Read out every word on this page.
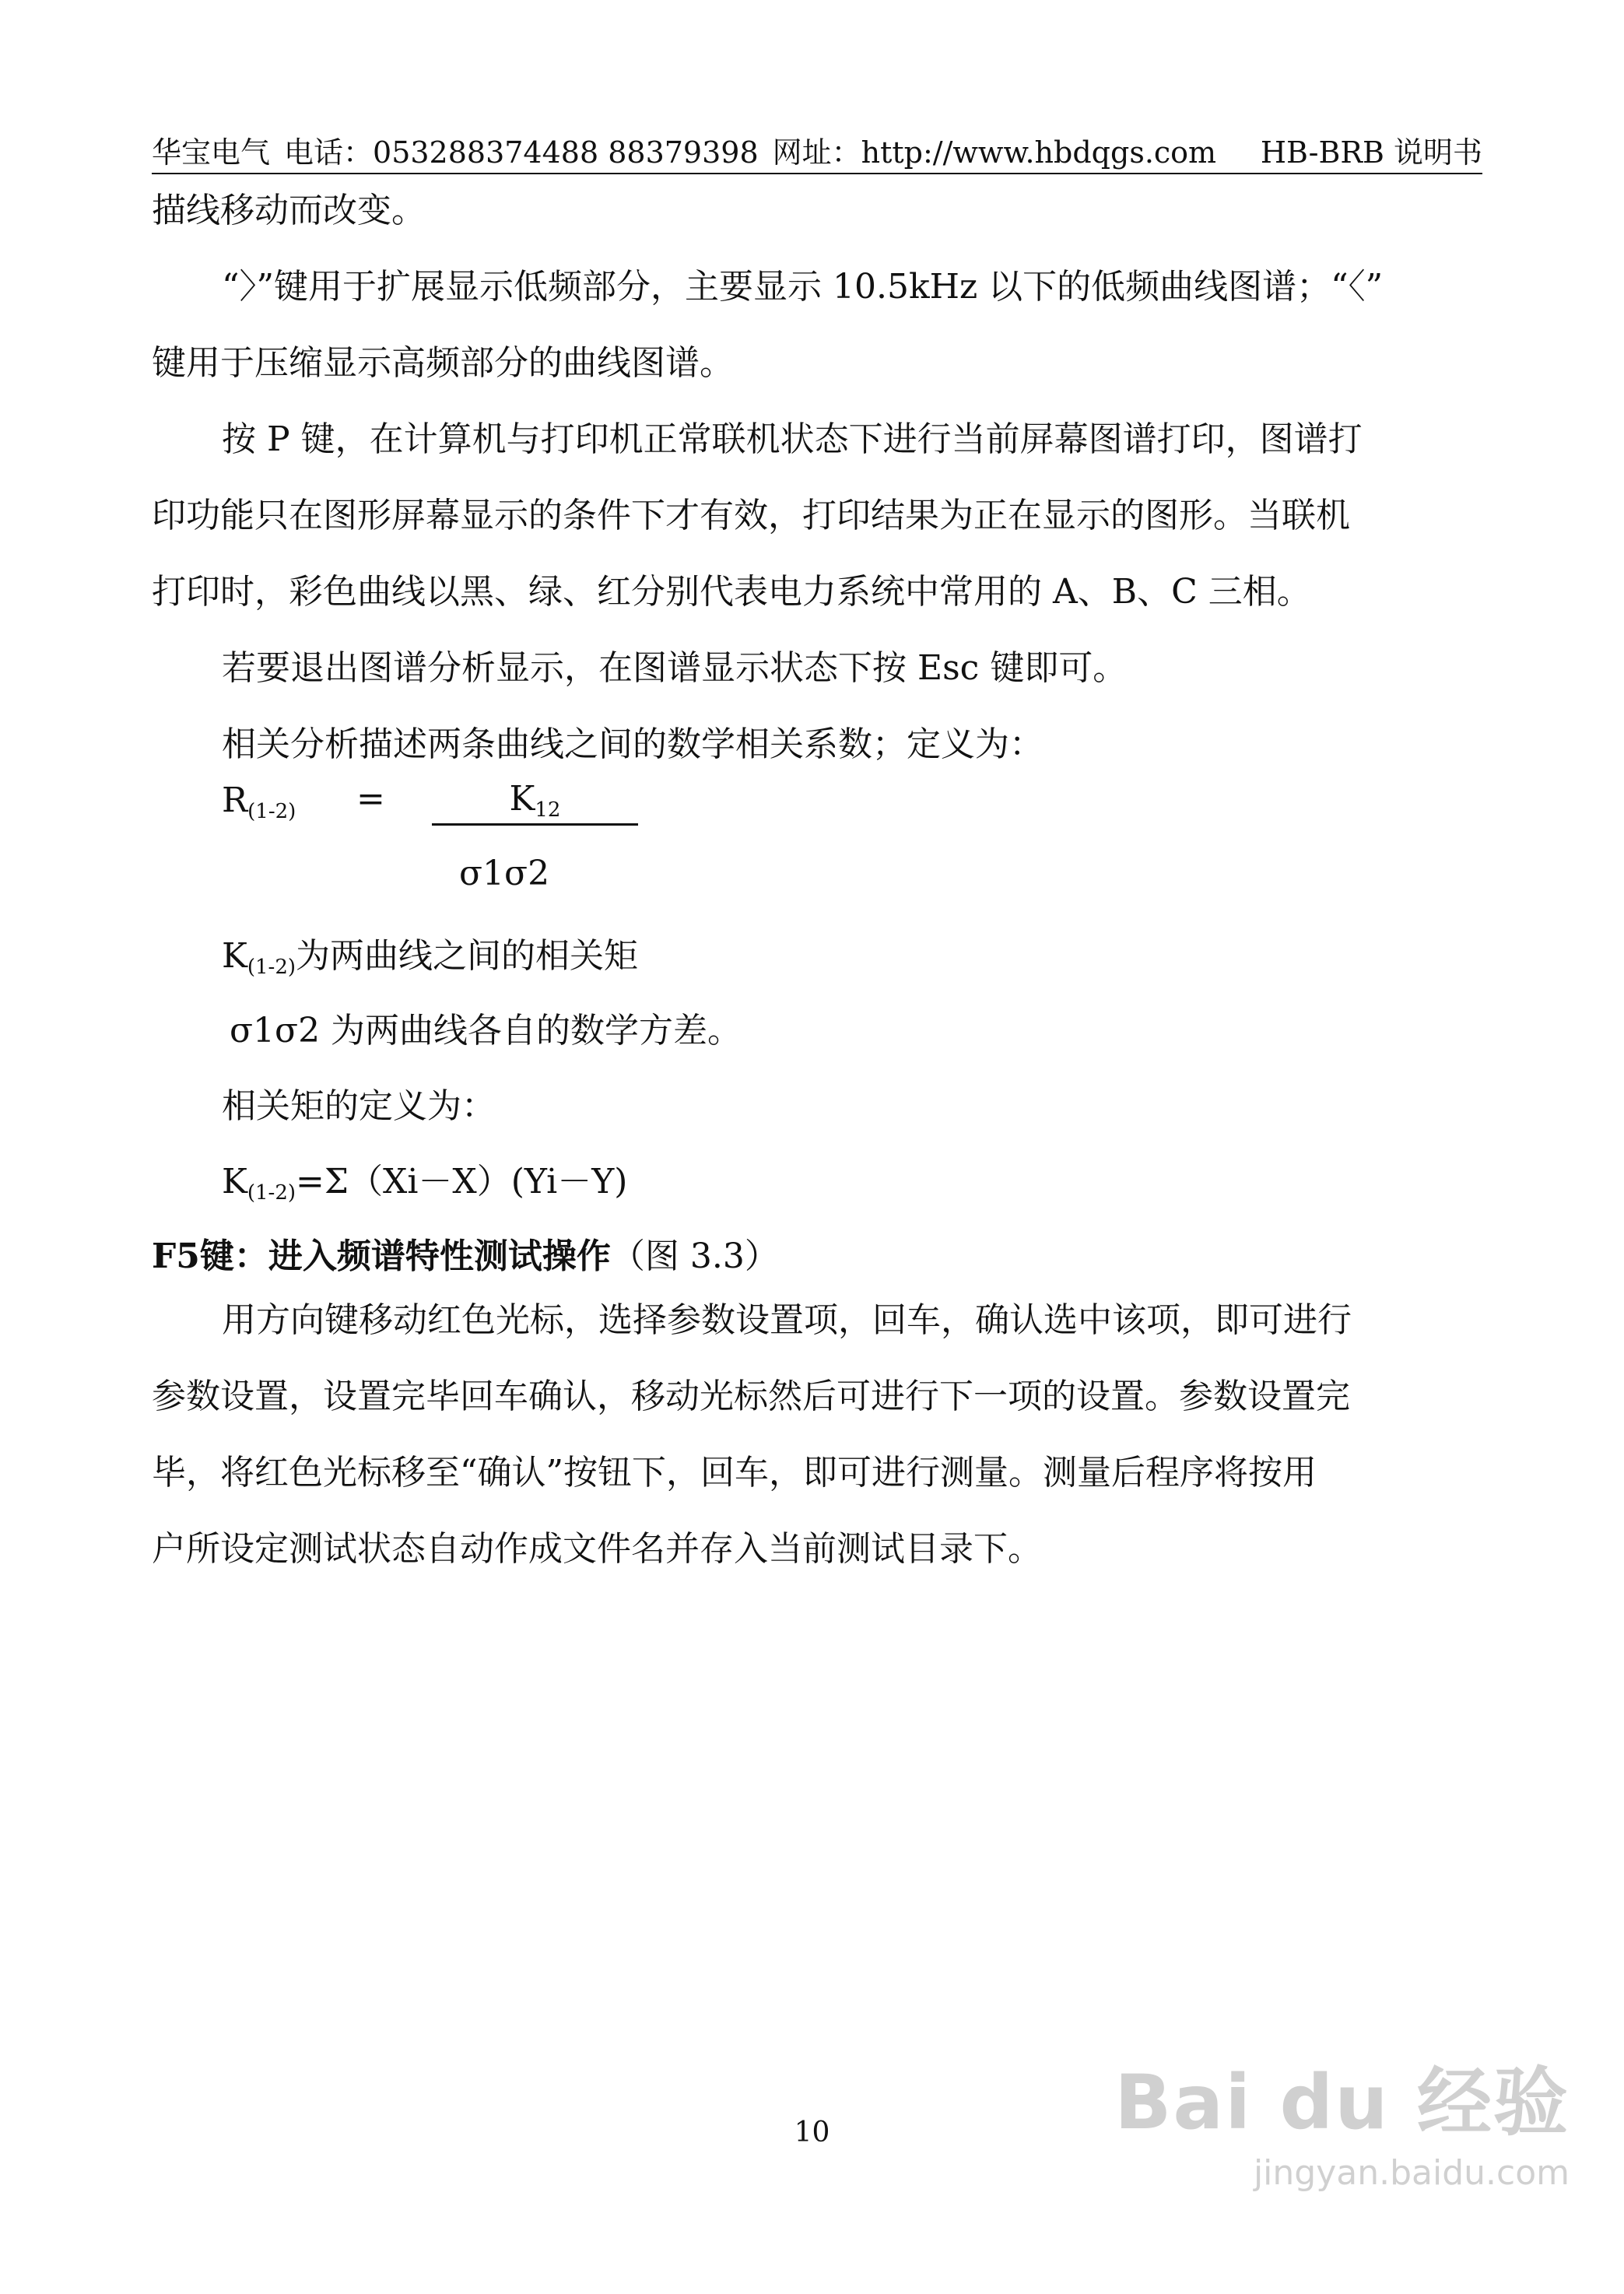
华宝电气 电话：053288374488 88379398 网址：http://www.hbdqgs.com HB-BRB 说明书

描线移动而改变。

“〉”键用于扩展显示低频部分，主要显示 10.5kHz 以下的低频曲线图谱；“〈”

键用于压缩显示高频部分的曲线图谱。

按 P 键，在计算机与打印机正常联机状态下进行当前屏幕图谱打印，图谱打

印功能只在图形屏幕显示的条件下才有效，打印结果为正在显示的图形。当联机

打印时，彩色曲线以黑、绿、红分别代表电力系统中常用的 A、B、C 三相。

若要退出图谱分析显示，在图谱显示状态下按 Esc 键即可。

相关分析描述两条曲线之间的数学相关系数；定义为：

R(1-2) =	K12
σ1σ2
K(1-2)为两曲线之间的相关矩
σ1σ2 为两曲线各自的数学方差。
相关矩的定义为：
K(1-2)=Σ（Xi－X）(Yi－Y)
F5键：进入频谱特性测试操作（图 3.3）

用方向键移动红色光标，选择参数设置项，回车，确认选中该项，即可进行

参数设置，设置完毕回车确认，移动光标然后可进行下一项的设置。参数设置完

毕，将红色光标移至“确认”按钮下，回车，即可进行测量。测量后程序将按用

户所设定测试状态自动作成文件名并存入当前测试目录下。

10	Bai du 经验
jingyan.baidu.com
